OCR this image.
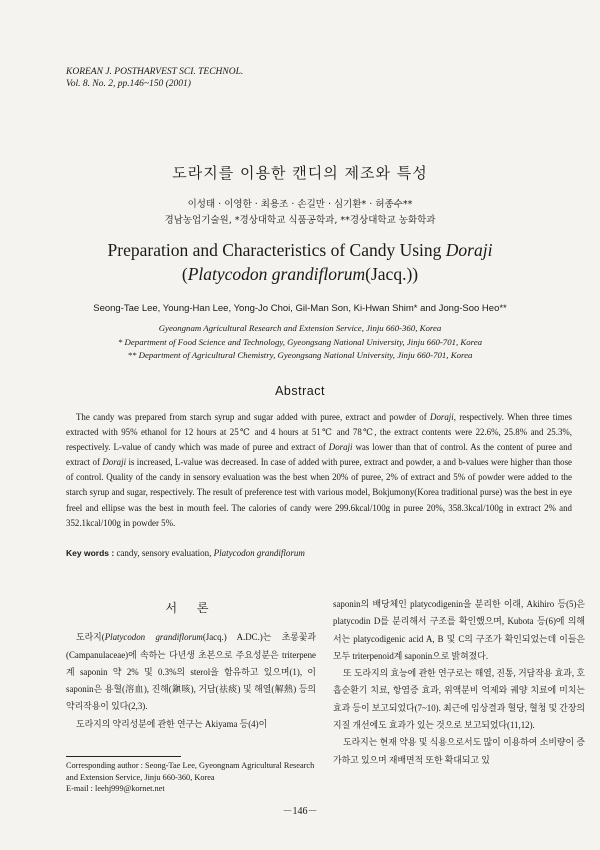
KOREAN J. POSTHARVEST SCI. TECHNOL.
Vol. 8. No. 2, pp.146~150 (2001)
도라지를 이용한 캔디의 제조와 특성
이성태 · 이영한 · 최용조 · 손길만 · 심기환* · 허종수**
경남농업기술원, *경상대학교 식품공학과, **경상대학교 농화학과
Preparation and Characteristics of Candy Using Doraji
(Platycodon grandiflorum(Jacq.))
Seong-Tae Lee, Young-Han Lee, Yong-Jo Choi, Gil-Man Son, Ki-Hwan Shim* and Jong-Soo Heo**
Gyeongnam Agricultural Research and Extension Service, Jinju 660-360, Korea
* Department of Food Science and Technology, Gyeongsang National University, Jinju 660-701, Korea
** Department of Agricultural Chemistry, Gyeongsang National University, Jinju 660-701, Korea
Abstract

The candy was prepared from starch syrup and sugar added with puree, extract and powder of Doraji, respectively. When three times extracted with 95% ethanol for 12 hours at 25℃ and 4 hours at 51℃ and 78℃, the extract contents were 22.6%, 25.8% and 25.3%, respectively. L-value of candy which was made of puree and extract of Doraji was lower than that of control. As the content of puree and extract of Doraji is increased, L-value was decreased. In case of added with puree, extract and powder, a and b-values were higher than those of control. Quality of the candy in sensory evaluation was the best when 20% of puree, 2% of extract and 5% of powder were added to the starch syrup and sugar, respectively. The result of preference test with various model, Bokjumony(Korea traditional purse) was the best in eye freel and ellipse was the best in mouth feel. The calories of candy were 299.6kcal/100g in puree 20%, 358.3kcal/100g in extract 2% and 352.1kcal/100g in powder 5%.

Key words : candy, sensory evaluation, Platycodon grandiflorum

서 론

도라지(Platycodon grandiflorum(Jacq.) A.DC.)는 초롱꽃과(Campanulaceae)에 속하는 다년생 초본으로 주요성분은 triterpene계 saponin 약 2% 및 0.3%의 sterol을 함유하고 있으며(1), 이 saponin은 용혈(溶血), 진해(鎭咳), 거담(祛痰) 및 해열(解熱) 등의 약리작용이 있다(2,3).

도라지의 약리성분에 관한 연구는 Akiyama 등(4)이

saponin의 배당체인 platycodigenin을 분리한 이래, Akihiro 등(5)은 platycodin D를 분리해서 구조를 확인했으며, Kubota 등(6)에 의해서는 platycodigenic acid A, B 및 C의 구조가 확인되었는데 이들은 모두 triterpenoid계 saponin으로 밝혀졌다.

또 도라지의 효능에 관한 연구로는 해열, 진통, 거담작용 효과, 호흡순환기 치료, 항염증 효과, 위액분비 억제와 궤양 치료에 미치는 효과 등이 보고되었다(7~10). 최근에 임상결과 혈당, 혈청 및 간장의 지질 개선에도 효과가 있는 것으로 보고되었다(11,12).

도라지는 현재 약용 및 식용으로서도 많이 이용하여 소비량이 증가하고 있으며 재배면적 또한 확대되고 있

Corresponding author : Seong-Tae Lee, Gyeongnam Agricultural Research and Extension Service, Jinju 660-360, Korea
E-mail : leehj999@kornet.net
－146－
